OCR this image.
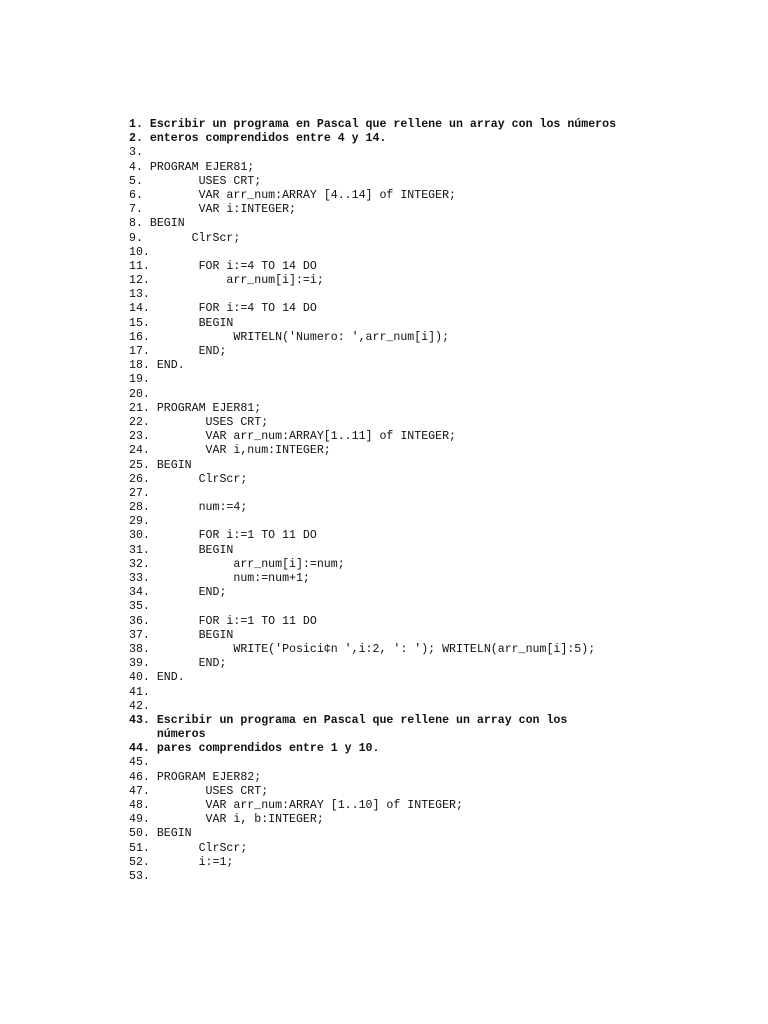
1. Escribir un programa en Pascal que rellene un array con los números
2. enteros comprendidos entre 4 y 14.
3.
4. PROGRAM EJER81;
5.        USES CRT;
6.        VAR arr_num:ARRAY [4..14] of INTEGER;
7.        VAR i:INTEGER;
8. BEGIN
9.       ClrScr;
10.
11.       FOR i:=4 TO 14 DO
12.           arr_num[i]:=i;
13.
14.       FOR i:=4 TO 14 DO
15.       BEGIN
16.            WRITELN('Numero: ',arr_num[i]);
17.       END;
18. END.
19.
20.
21. PROGRAM EJER81;
22.        USES CRT;
23.        VAR arr_num:ARRAY[1..11] of INTEGER;
24.        VAR i,num:INTEGER;
25. BEGIN
26.       ClrScr;
27.
28.       num:=4;
29.
30.       FOR i:=1 TO 11 DO
31.       BEGIN
32.            arr_num[i]:=num;
33.            num:=num+1;
34.       END;
35.
36.       FOR i:=1 TO 11 DO
37.       BEGIN
38.            WRITE('Posici¢n ',i:2, ': '); WRITELN(arr_num[i]:5);
39.       END;
40. END.
41.
42.
43. Escribir un programa en Pascal que rellene un array con los
números
44. pares comprendidos entre 1 y 10.
45.
46. PROGRAM EJER82;
47.        USES CRT;
48.        VAR arr_num:ARRAY [1..10] of INTEGER;
49.        VAR i, b:INTEGER;
50. BEGIN
51.       ClrScr;
52.       i:=1;
53.
